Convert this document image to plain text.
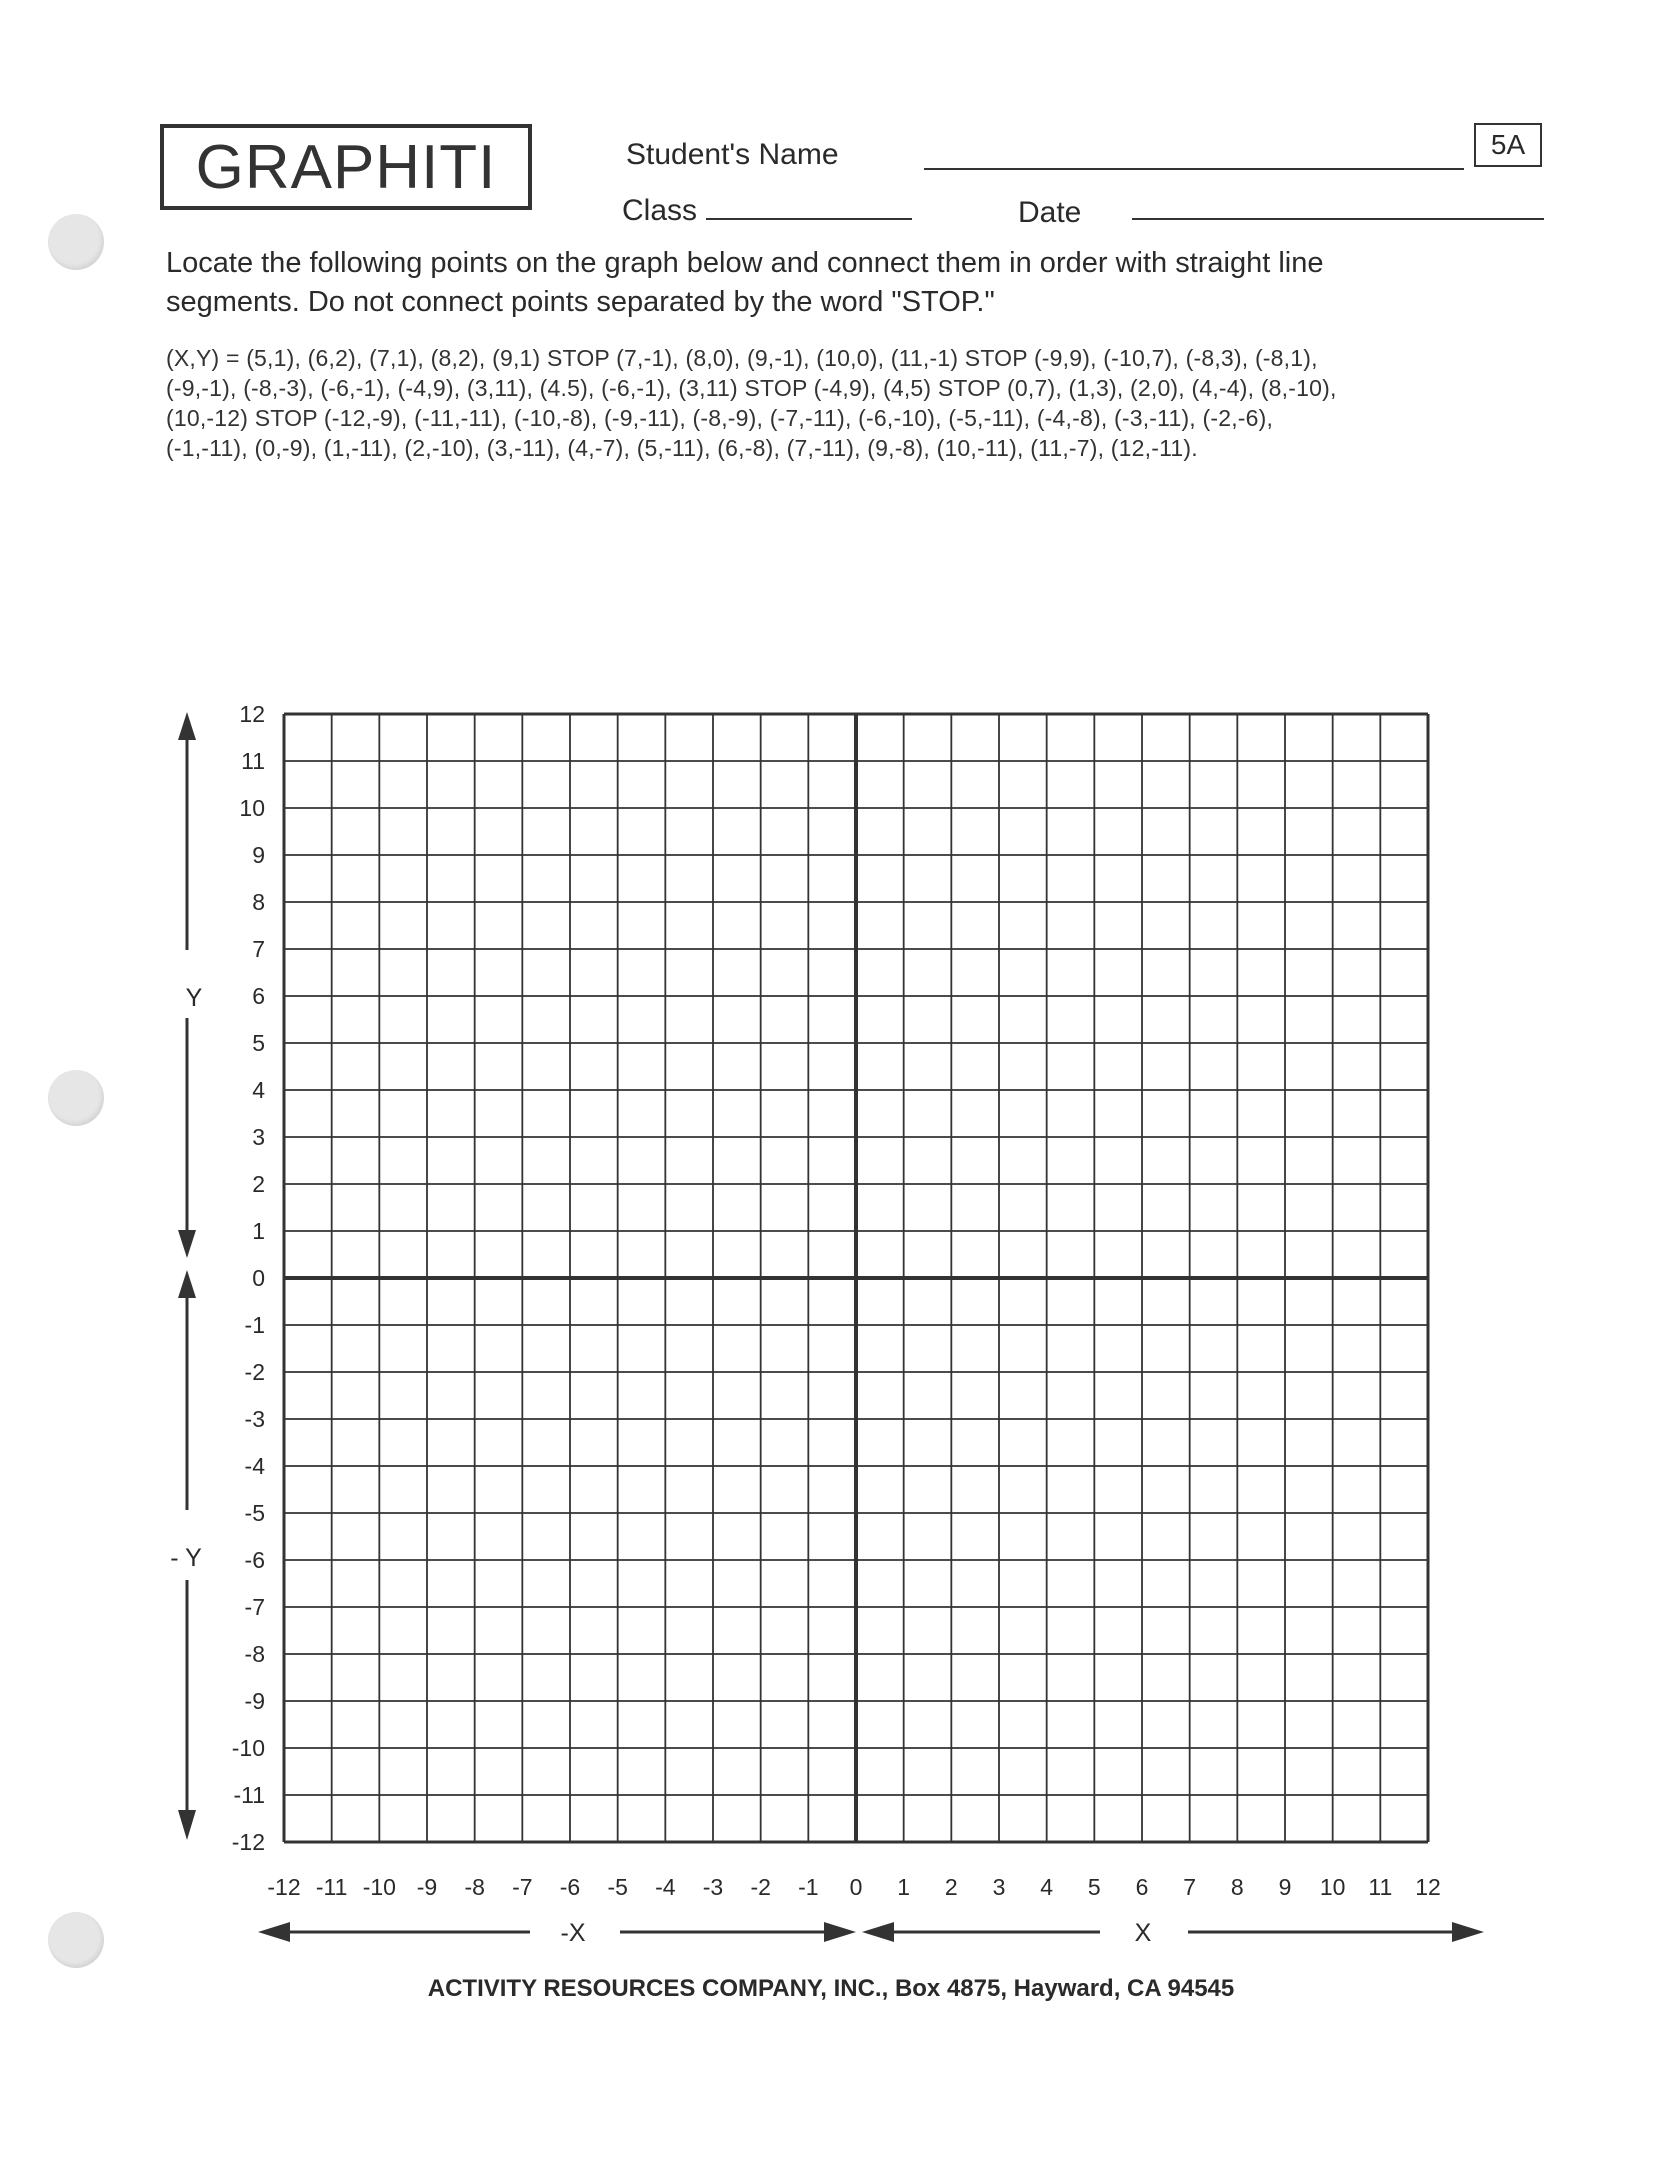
GRAPHITI	Student's Name	5A
Class	Date
Locate the following points on the graph below and connect them in order with straight line
segments. Do not connect points separated by the word "STOP."
(X,Y) = (5,1), (6,2), (7,1), (8,2), (9,1) STOP (7,-1), (8,0), (9,-1), (10,0), (11,-1) STOP (-9,9), (-10,7), (-8,3), (-8,1),
(-9,-1), (-8,-3), (-6,-1), (-4,9), (3,11), (4.5), (-6,-1), (3,11) STOP (-4,9), (4,5) STOP (0,7), (1,3), (2,0), (4,-4), (8,-10),
(10,-12) STOP (-12,-9), (-11,-11), (-10,-8), (-9,-11), (-8,-9), (-7,-11), (-6,-10), (-5,-11), (-4,-8), (-3,-11), (-2,-6),
(-1,-11), (0,-9), (1,-11), (2,-10), (3,-11), (4,-7), (5,-11), (6,-8), (7,-11), (9,-8), (10,-11), (11,-7), (12,-11).
12
11
10
9
8
7
6
5
4
3
2
1
0
-1
-2
-3
-4
-5
-6
-7
-8
-9
-10
-11
-12
-12 -11 -10 -9 -8 -7 -6 -5 -4 -3 -2 -1 0 1 2 3 4 5 6 7 8 9 10 11 12
Y
- Y
-X	X
ACTIVITY RESOURCES COMPANY, INC., Box 4875, Hayward, CA 94545
